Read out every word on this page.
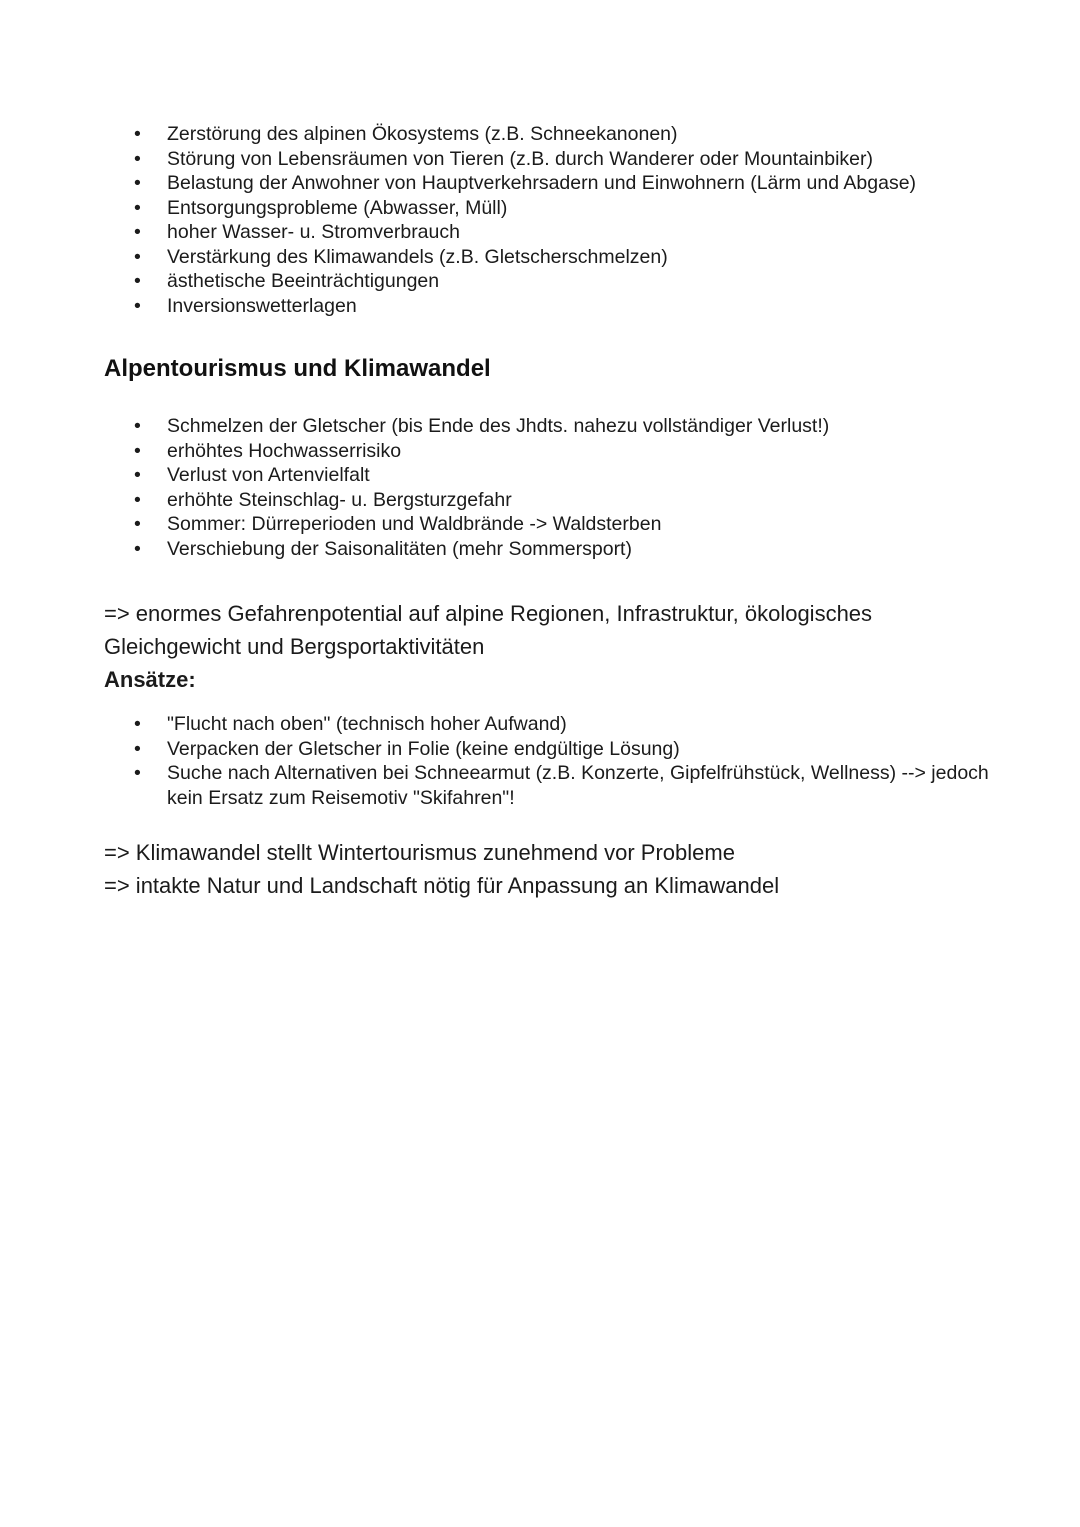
• Zerstörung des alpinen Ökosystems (z.B. Schneekanonen)
• Störung von Lebensräumen von Tieren (z.B. durch Wanderer oder Mountainbiker)
• Belastung der Anwohner von Hauptverkehrsadern und Einwohnern (Lärm und Abgase)
• Entsorgungsprobleme (Abwasser, Müll)
• hoher Wasser- u. Stromverbrauch
• Verstärkung des Klimawandels (z.B. Gletscherschmelzen)
• ästhetische Beeinträchtigungen
• Inversionswetterlagen
Alpentourismus und Klimawandel
• Schmelzen der Gletscher (bis Ende des Jhdts. nahezu vollständiger Verlust!)
• erhöhtes Hochwasserrisiko
• Verlust von Artenvielfalt
• erhöhte Steinschlag- u. Bergsturzgefahr
• Sommer: Dürreperioden und Waldbrände -> Waldsterben
• Verschiebung der Saisonalitäten (mehr Sommersport)

=> enormes Gefahrenpotential auf alpine Regionen, Infrastruktur, ökologisches Gleichgewicht und Bergsportaktivitäten

Ansätze:

• "Flucht nach oben" (technisch hoher Aufwand)
• Verpacken der Gletscher in Folie (keine endgültige Lösung)
• Suche nach Alternativen bei Schneearmut (z.B. Konzerte, Gipfelfrühstück, Wellness) --> jedoch kein Ersatz zum Reisemotiv "Skifahren"!

=> Klimawandel stellt Wintertourismus zunehmend vor Probleme

=> intakte Natur und Landschaft nötig für Anpassung an Klimawandel
